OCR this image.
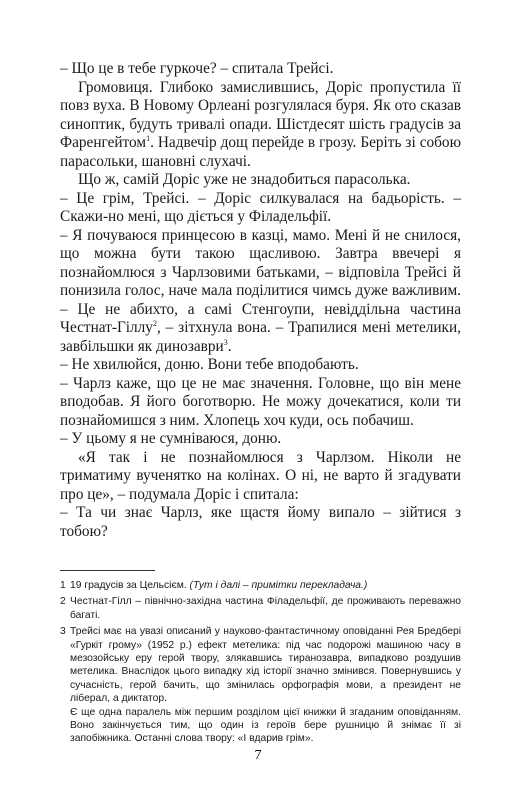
– Що це в тебе гуркоче? – спитала Трейсі.

Громовиця. Глибоко замислившись, Доріс пропустила її повз вуха. В Новому Орлеані розгулялася буря. Як ото сказав синоптик, будуть тривалі опади. Шістдесят шість градусів за Фаренгейтом$^1$. Надвечір дощ перейде в грозу. Беріть зі собою парасольки, шановні слухачі.

Що ж, самій Доріс уже не знадобиться парасолька.

– Це грім, Трейсі. – Доріс силкувалася на бадьорість. – Скажи-но мені, що діється у Філадельфії.

– Я почуваюся принцесою в казці, мамо. Мені й не снилося, що можна бути такою щасливою. Завтра ввечері я познайомлюся з Чарлзовими батьками, – відповіла Трейсі й понизила голос, наче мала поділитися чимсь дуже важливим. – Це не абихто, а самі Стенгоупи, невіддільна частина Честнат-Гіллу$^2$, – зітхнула вона. – Трапилися мені метелики, завбільшки як динозаври$^3$.

– Не хвилюйся, доню. Вони тебе вподобають.

– Чарлз каже, що це не має значення. Головне, що він мене вподобав. Я його боготворю. Не можу дочекатися, коли ти познайомишся з ним. Хлопець хоч куди, ось побачиш.

– У цьому я не сумніваюся, доню.

«Я так і не познайомлюся з Чарлзом. Ніколи не триматиму вученятко на колінах. О ні, не варто й згадувати про це», – подумала Доріс і спитала:

– Та чи знає Чарлз, яке щастя йому випало – зійтися з тобою?

1 19 градусів за Цельсієм. (Тут і далі – примітки перекладача.)

2 Честнат-Гілл – північно-західна частина Філадельфії, де проживають переважно багаті.

3 Трейсі має на увазі описаний у науково-фантастичному оповіданні Рея Бредбері «Гуркіт грому» (1952 р.) ефект метелика: під час подорожі машиною часу в мезозойську еру герой твору, злякавшись тиранозавра, випадково роздушив метелика. Внаслідок цього випадку хід історії значно змінився. Повернувшись у сучасність, герой бачить, що змінилась орфографія мови, а президент не ліберал, а диктатор.
Є ще одна паралель між першим розділом цієї книжки й згаданим оповіданням. Воно закінчується тим, що один із героїв бере рушницю й знімає її зі запобіжника. Останні слова твору: «І вдарив грім».

7
